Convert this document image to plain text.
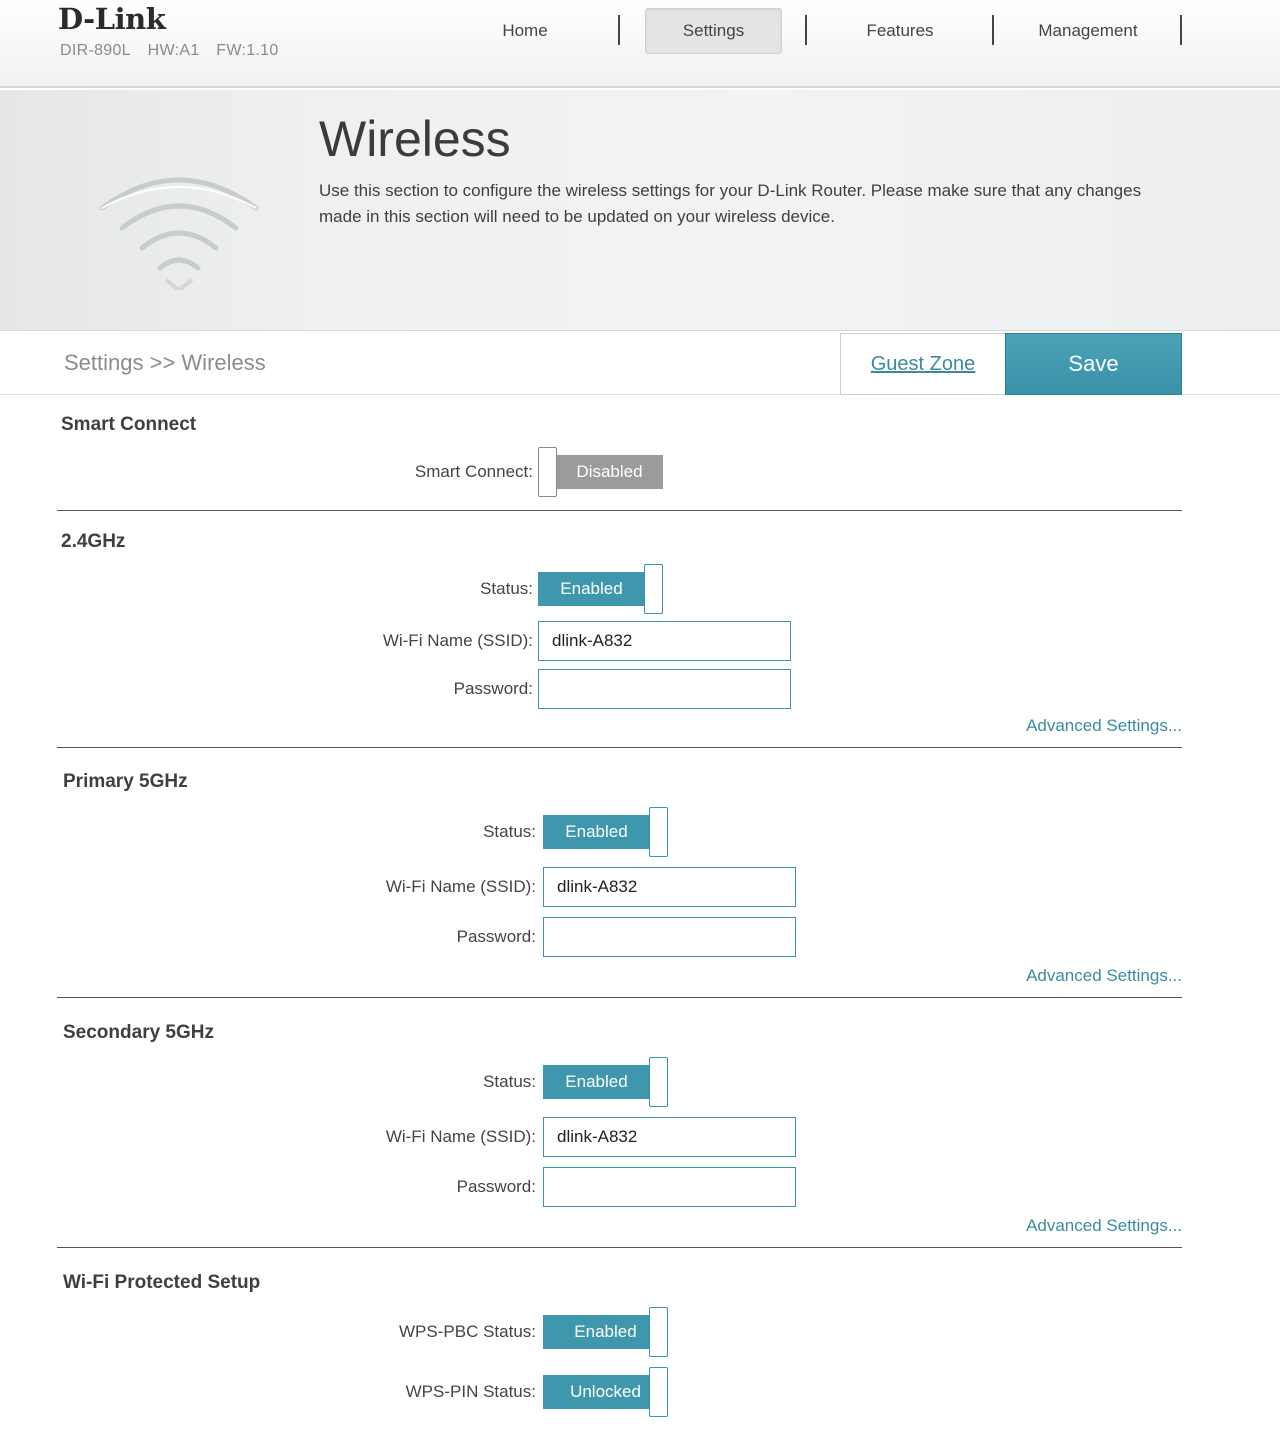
D-Link
DIR-890L HW:A1 FW:1.10
Home	Settings	Features	Management
Wireless
Use this section to configure the wireless settings for your D-Link Router. Please make sure that any changes made in this section will need to be updated on your wireless device.
Settings >> Wireless	Guest Zone	Save
Smart Connect
Smart Connect:	Disabled
2.4GHz
Status:	Enabled
Wi-Fi Name (SSID):
dlink-A832
Password:
Advanced Settings...
Primary 5GHz
Status:	Enabled
Wi-Fi Name (SSID):
dlink-A832
Password:
Advanced Settings...
Secondary 5GHz
Status:	Enabled
Wi-Fi Name (SSID):
dlink-A832
Password:
Advanced Settings...
Wi-Fi Protected Setup
WPS-PBC Status:	Enabled
WPS-PIN Status:	Unlocked
